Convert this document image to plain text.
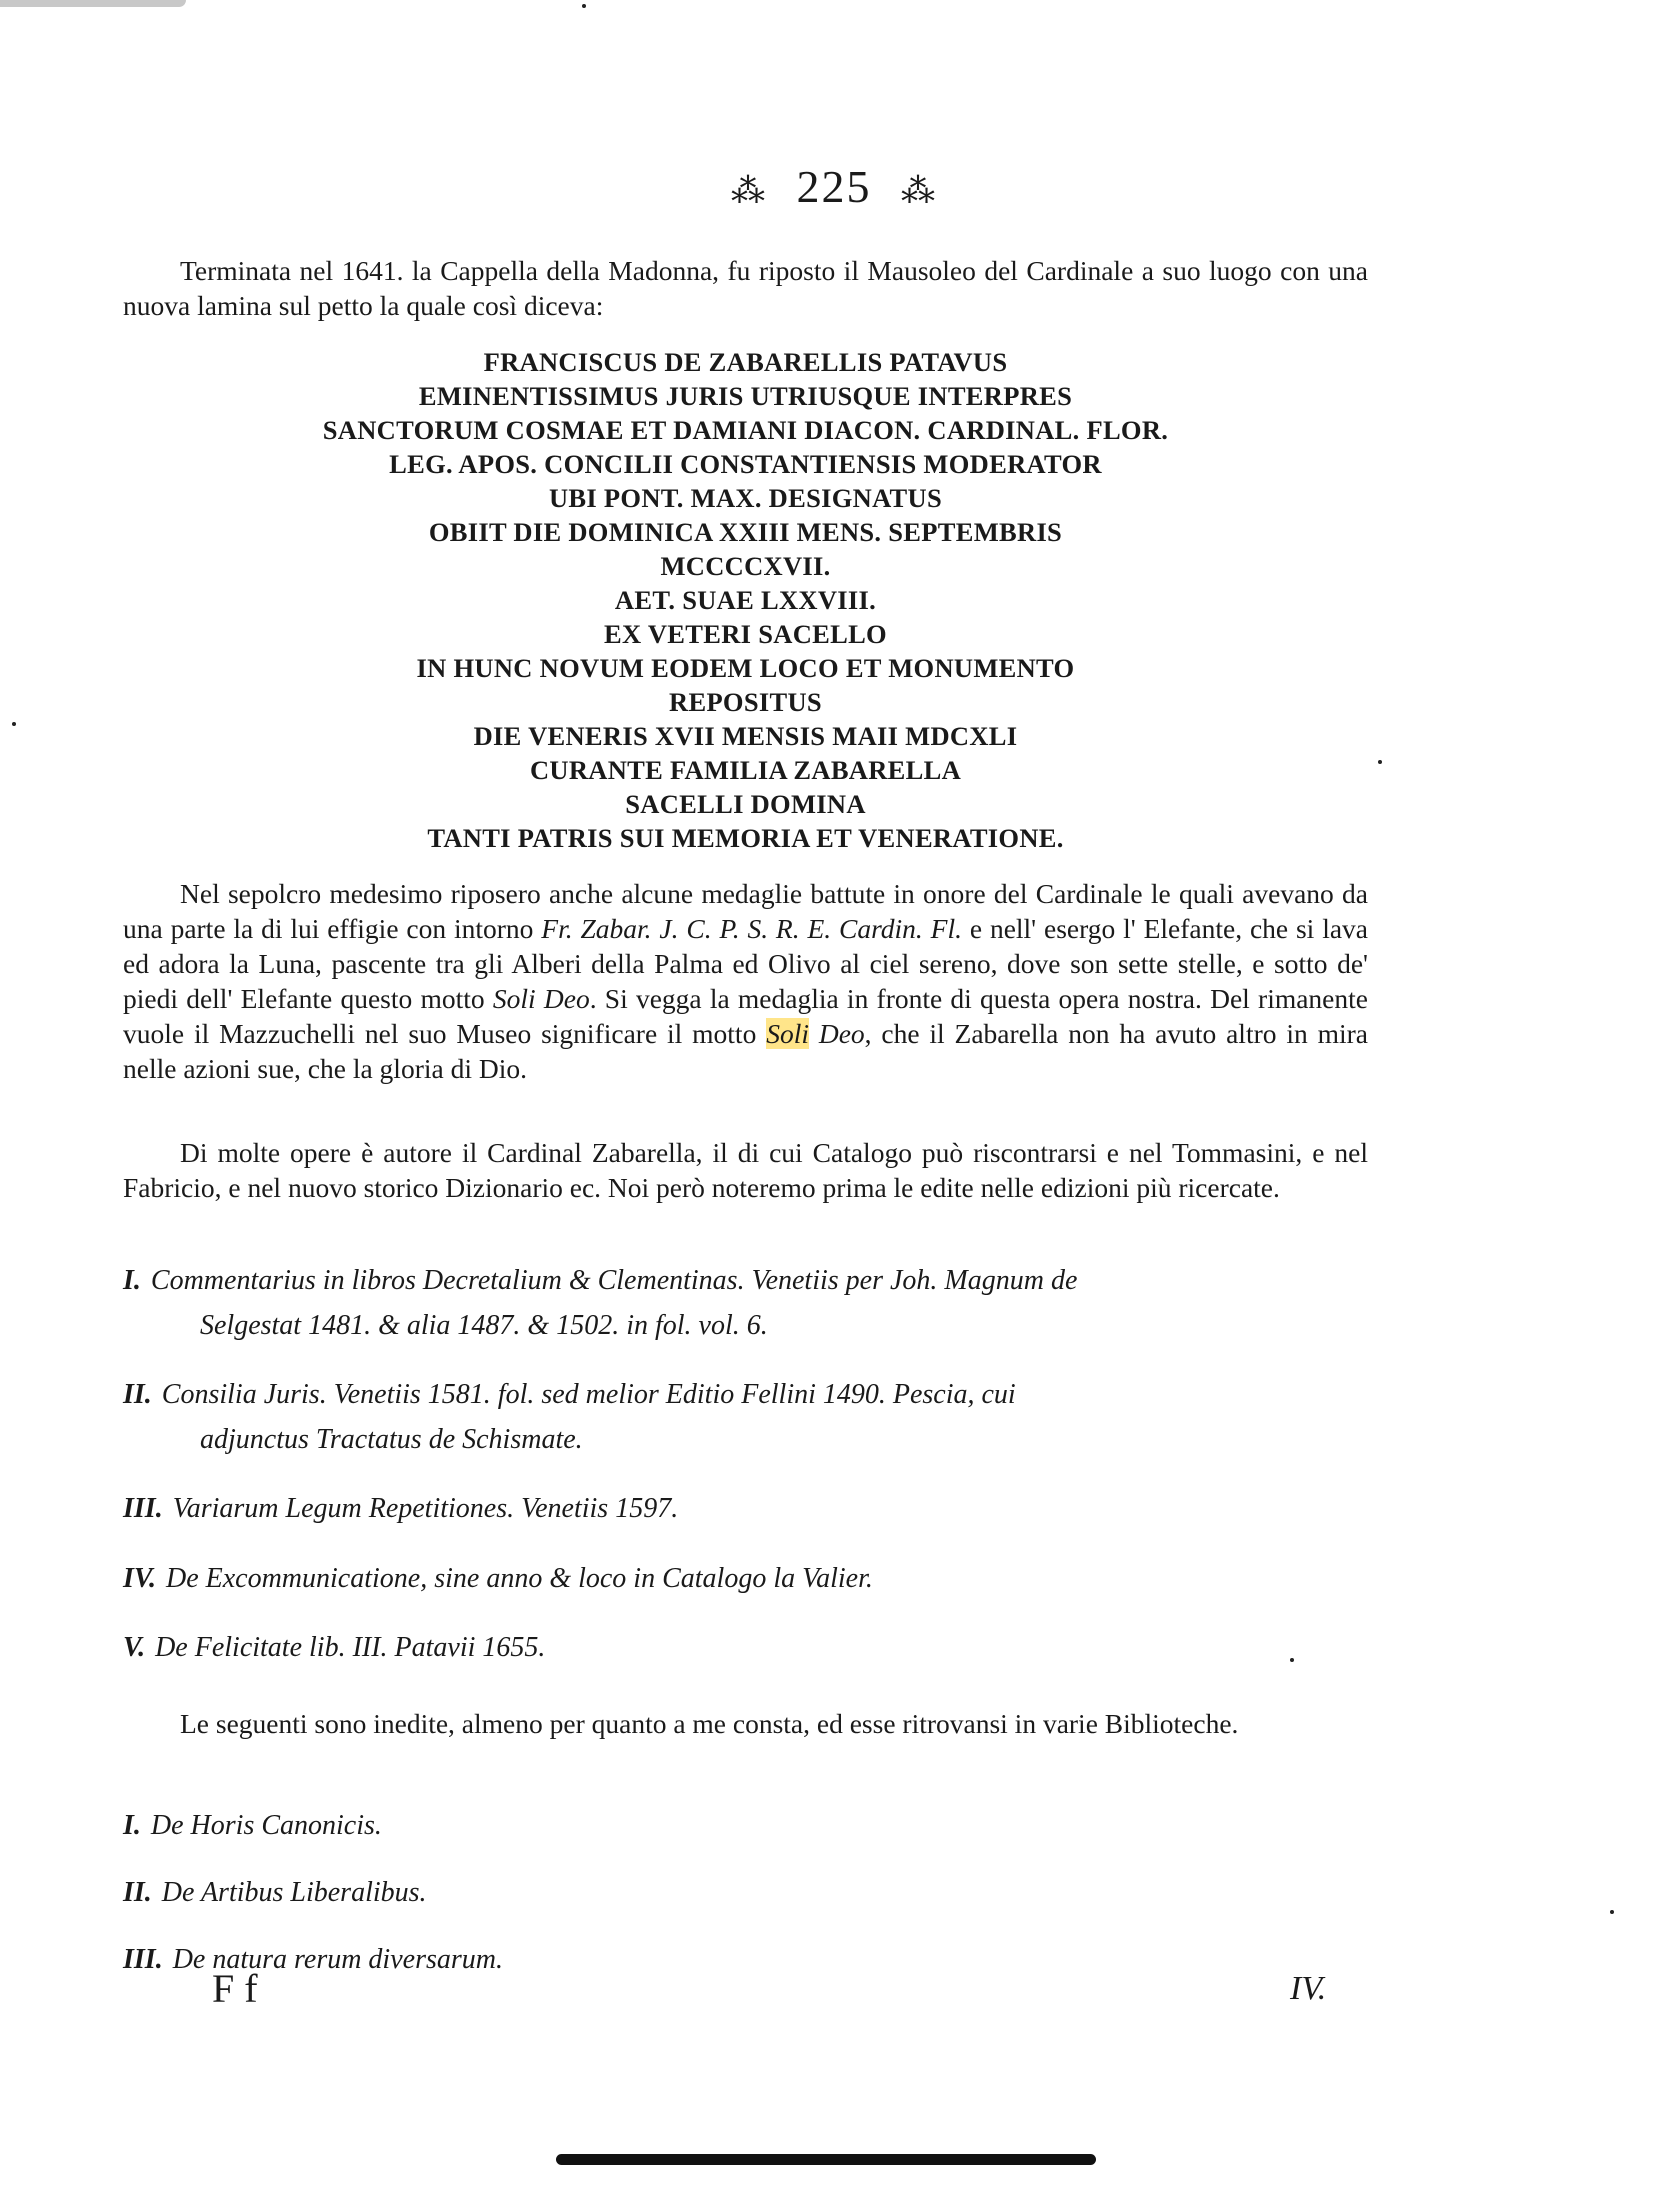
⁂ 225 ⁂
Terminata nel 1641. la Cappella della Madonna, fu riposto il Mausoleo del Cardinale a suo luogo con una nuova lamina sul petto la quale così diceva:
FRANCISCUS DE ZABARELLIS PATAVUS
EMINENTISSIMUS JURIS UTRIUSQUE INTERPRES
SANCTORUM COSMAE ET DAMIANI DIACON. CARDINAL. FLOR.
LEG. APOS. CONCILII CONSTANTIENSIS MODERATOR
UBI PONT. MAX. DESIGNATUS
OBIIT DIE DOMINICA XXIII MENS. SEPTEMBRIS
MCCCCXVII.
AET. SUAE LXXVIII.
EX VETERI SACELLO
IN HUNC NOVUM EODEM LOCO ET MONUMENTO
REPOSITUS
DIE VENERIS XVII MENSIS MAII MDCXLI
CURANTE FAMILIA ZABARELLA
SACELLI DOMINA
TANTI PATRIS SUI MEMORIA ET VENERATIONE.
Nel sepolcro medesimo riposero anche alcune medaglie battute in onore del Cardinale le quali avevano da una parte la di lui effigie con intorno Fr. Zabar. J. C. P. S. R. E. Cardin. Fl. e nell' esergo l' Elefante, che si lava ed adora la Luna, pascente tra gli Alberi della Palma ed Olivo al ciel sereno, dove son sette stelle, e sotto de' piedi dell' Elefante questo motto Soli Deo. Si vegga la medaglia in fronte di questa opera nostra. Del rimanente vuole il Mazzuchelli nel suo Museo significare il motto Soli Deo, che il Zabarella non ha avuto altro in mira nelle azioni sue, che la gloria di Dio.
Di molte opere è autore il Cardinal Zabarella, il di cui Catalogo può riscontrarsi e nel Tommasini, e nel Fabricio, e nel nuovo storico Dizionario ec. Noi però noteremo prima le edite nelle edizioni più ricercate.
I. Commentarius in libros Decretalium & Clementinas. Venetiis per Joh. Magnum de
Selgestat 1481. & alia 1487. & 1502. in fol. vol. 6.
II. Consilia Juris. Venetiis 1581. fol. sed melior Editio Fellini 1490. Pescia, cui
adjunctus Tractatus de Schismate.
III. Variarum Legum Repetitiones. Venetiis 1597.
IV. De Excommunicatione, sine anno & loco in Catalogo la Valier.
V. De Felicitate lib. III. Patavii 1655.
Le seguenti sono inedite, almeno per quanto a me consta, ed esse ritrovansi in varie Biblioteche.
I. De Horis Canonicis.
II. De Artibus Liberalibus.
III. De natura rerum diversarum.
F f	IV.
